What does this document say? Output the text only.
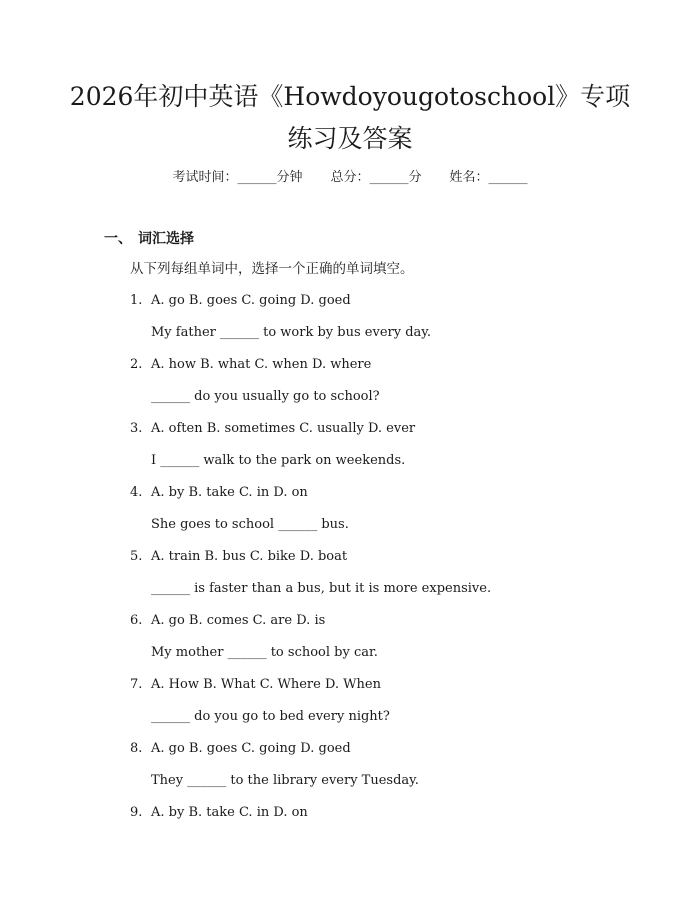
2026年初中英语《Howdoyougotoschool》专项练习及答案
考试时间：______分钟 总分：______分 姓名：______
一、 词汇选择
从下列每组单词中，选择一个正确的单词填空。
1. A. go B. goes C. going D. goed
My father ______ to work by bus every day.
2. A. how B. what C. when D. where
______ do you usually go to school?
3. A. often B. sometimes C. usually D. ever
I ______ walk to the park on weekends.
4. A. by B. take C. in D. on
She goes to school ______ bus.
5. A. train B. bus C. bike D. boat
______ is faster than a bus, but it is more expensive.
6. A. go B. comes C. are D. is
My mother ______ to school by car.
7. A. How B. What C. Where D. When
______ do you go to bed every night?
8. A. go B. goes C. going D. goed
They ______ to the library every Tuesday.
9. A. by B. take C. in D. on
